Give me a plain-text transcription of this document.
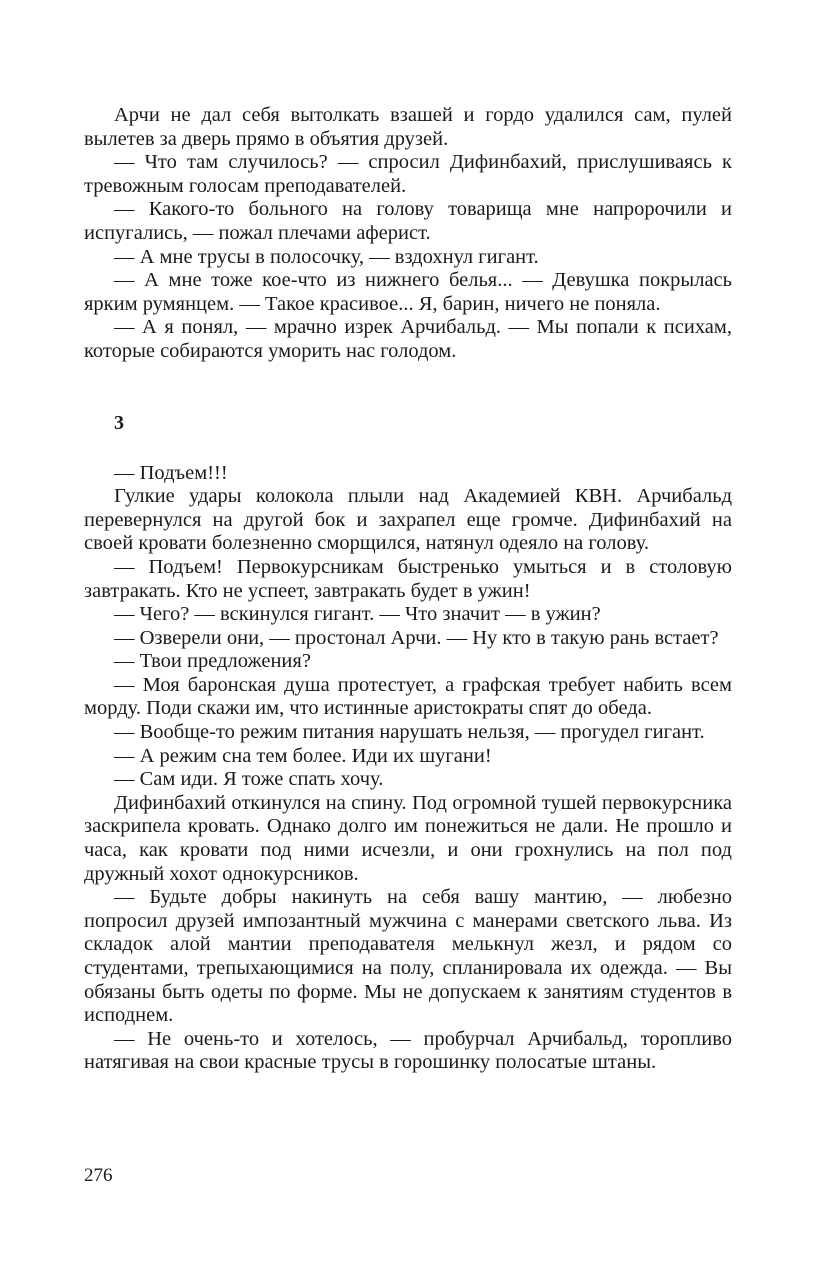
Арчи не дал себя вытолкать взашей и гордо удалился сам, пулей вылетев за дверь прямо в объятия друзей.

— Что там случилось? — спросил Дифинбахий, прислушиваясь к тревожным голосам преподавателей.

— Какого-то больного на голову товарища мне напророчили и испугались, — пожал плечами аферист.

— А мне трусы в полосочку, — вздохнул гигант.

— А мне тоже кое-что из нижнего белья... — Девушка покрылась ярким румянцем. — Такое красивое... Я, барин, ничего не поняла.

— А я понял, — мрачно изрек Арчибальд. — Мы попали к психам, которые собираются уморить нас голодом.

3

— Подъем!!!

Гулкие удары колокола плыли над Академией КВН. Арчибальд перевернулся на другой бок и захрапел еще громче. Дифинбахий на своей кровати болезненно сморщился, натянул одеяло на голову.

— Подъем! Первокурсникам быстренько умыться и в столовую завтракать. Кто не успеет, завтракать будет в ужин!

— Чего? — вскинулся гигант. — Что значит — в ужин?

— Озверели они, — простонал Арчи. — Ну кто в такую рань встает?

— Твои предложения?

— Моя баронская душа протестует, а графская требует набить всем морду. Поди скажи им, что истинные аристократы спят до обеда.

— Вообще-то режим питания нарушать нельзя, — прогудел гигант.

— А режим сна тем более. Иди их шугани!

— Сам иди. Я тоже спать хочу.

Дифинбахий откинулся на спину. Под огромной тушей первокурсника заскрипела кровать. Однако долго им понежиться не дали. Не прошло и часа, как кровати под ними исчезли, и они грохнулись на пол под дружный хохот однокурсников.

— Будьте добры накинуть на себя вашу мантию, — любезно попросил друзей импозантный мужчина с манерами светского льва. Из складок алой мантии преподавателя мелькнул жезл, и рядом со студентами, трепыхающимися на полу, спланировала их одежда. — Вы обязаны быть одеты по форме. Мы не допускаем к занятиям студентов в исподнем.

— Не очень-то и хотелось, — пробурчал Арчибальд, торопливо натягивая на свои красные трусы в горошинку полосатые штаны.

276
